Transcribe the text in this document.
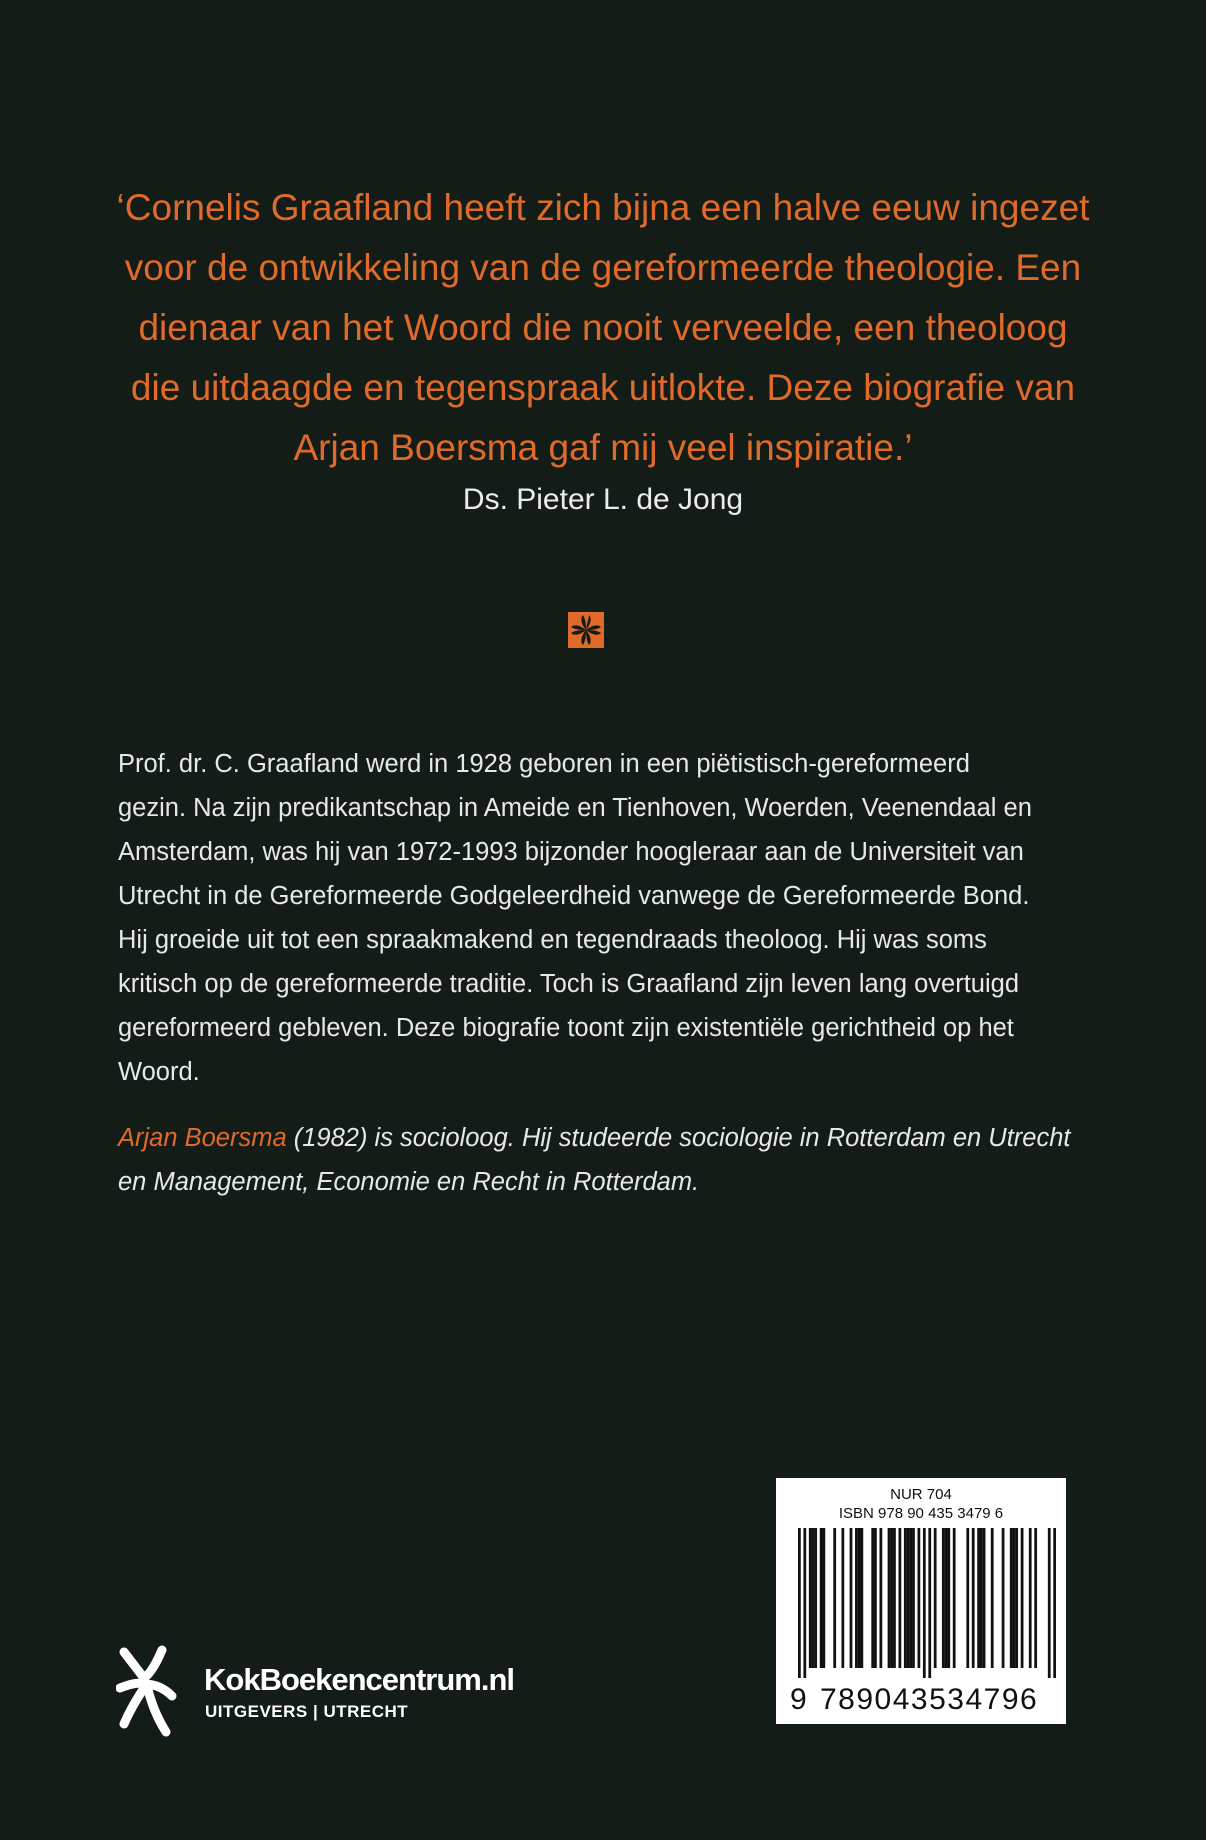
‘Cornelis Graafland heeft zich bijna een halve eeuw ingezet
voor de ontwikkeling van de gereformeerde theologie. Een
dienaar van het Woord die nooit verveelde, een theoloog
die uitdaagde en tegenspraak uitlokte. Deze biografie van
Arjan Boersma gaf mij veel inspiratie.’
Ds. Pieter L. de Jong
Prof. dr. C. Graafland werd in 1928 geboren in een piëtistisch-gereformeerd
gezin. Na zijn predikantschap in Ameide en Tienhoven, Woerden, Veenendaal en
Amsterdam, was hij van 1972-1993 bijzonder hoogleraar aan de Universiteit van
Utrecht in de Gereformeerde Godgeleerdheid vanwege de Gereformeerde Bond.
Hij groeide uit tot een spraakmakend en tegendraads theoloog. Hij was soms
kritisch op de gereformeerde traditie. Toch is Graafland zijn leven lang overtuigd
gereformeerd gebleven. Deze biografie toont zijn existentiële gerichtheid op het
Woord.
Arjan Boersma (1982) is socioloog. Hij studeerde sociologie in Rotterdam en Utrecht
en Management, Economie en Recht in Rotterdam.
KokBoekencentrum.nl
UITGEVERS | UTRECHT
NUR 704
ISBN 978 90 435 3479 6
9 789043534796
